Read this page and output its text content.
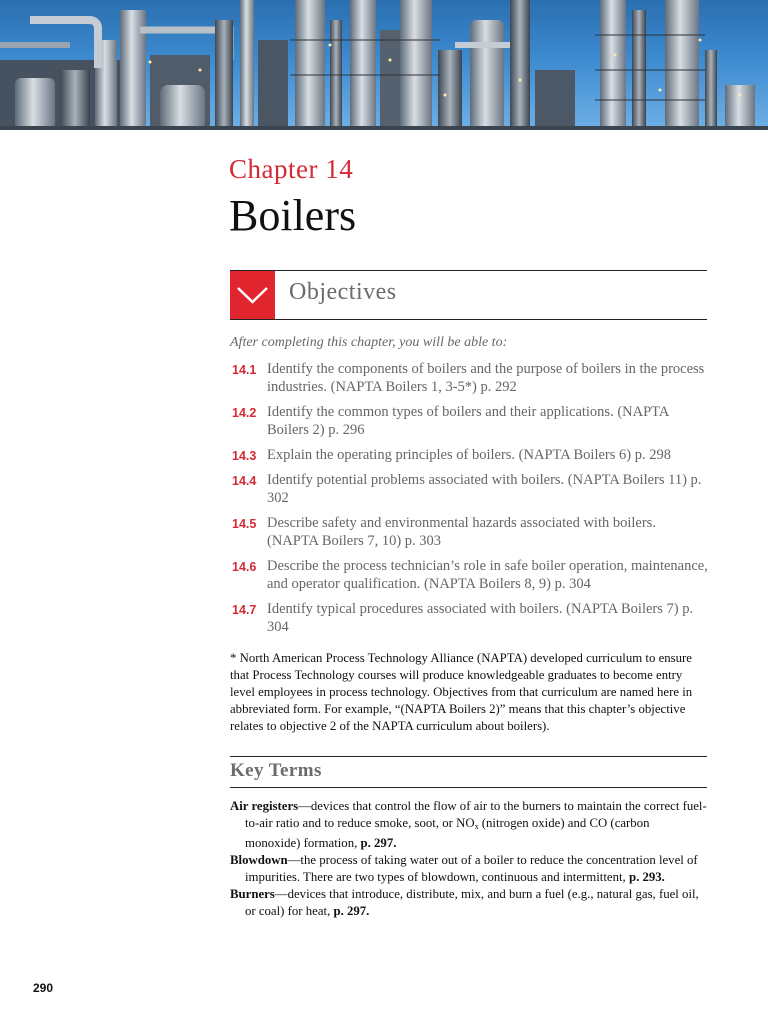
Chapter 14
Boilers
Objectives
After completing this chapter, you will be able to:
14.1 Identify the components of boilers and the purpose of boilers in the process industries. (NAPTA Boilers 1, 3-5*) p. 292
14.2 Identify the common types of boilers and their applications. (NAPTA Boilers 2) p. 296
14.3 Explain the operating principles of boilers. (NAPTA Boilers 6) p. 298
14.4 Identify potential problems associated with boilers. (NAPTA Boilers 11) p. 302
14.5 Describe safety and environmental hazards associated with boilers. (NAPTA Boilers 7, 10) p. 303
14.6 Describe the process technician’s role in safe boiler operation, maintenance, and operator qualification. (NAPTA Boilers 8, 9) p. 304
14.7 Identify typical procedures associated with boilers. (NAPTA Boilers 7) p. 304
* North American Process Technology Alliance (NAPTA) developed curriculum to ensure that Process Technology courses will produce knowledgeable graduates to become entry level employees in process technology. Objectives from that curriculum are named here in abbreviated form. For example, “(NAPTA Boilers 2)” means that this chapter’s objective relates to objective 2 of the NAPTA curriculum about boilers).
Key Terms
Air registers—devices that control the flow of air to the burners to maintain the correct fuel-to-air ratio and to reduce smoke, soot, or $NO_x$ (nitrogen oxide) and CO (carbon monoxide) formation, p. 297.
Blowdown—the process of taking water out of a boiler to reduce the concentration level of impurities. There are two types of blowdown, continuous and intermittent, p. 293.
Burners—devices that introduce, distribute, mix, and burn a fuel (e.g., natural gas, fuel oil, or coal) for heat, p. 297.
290
